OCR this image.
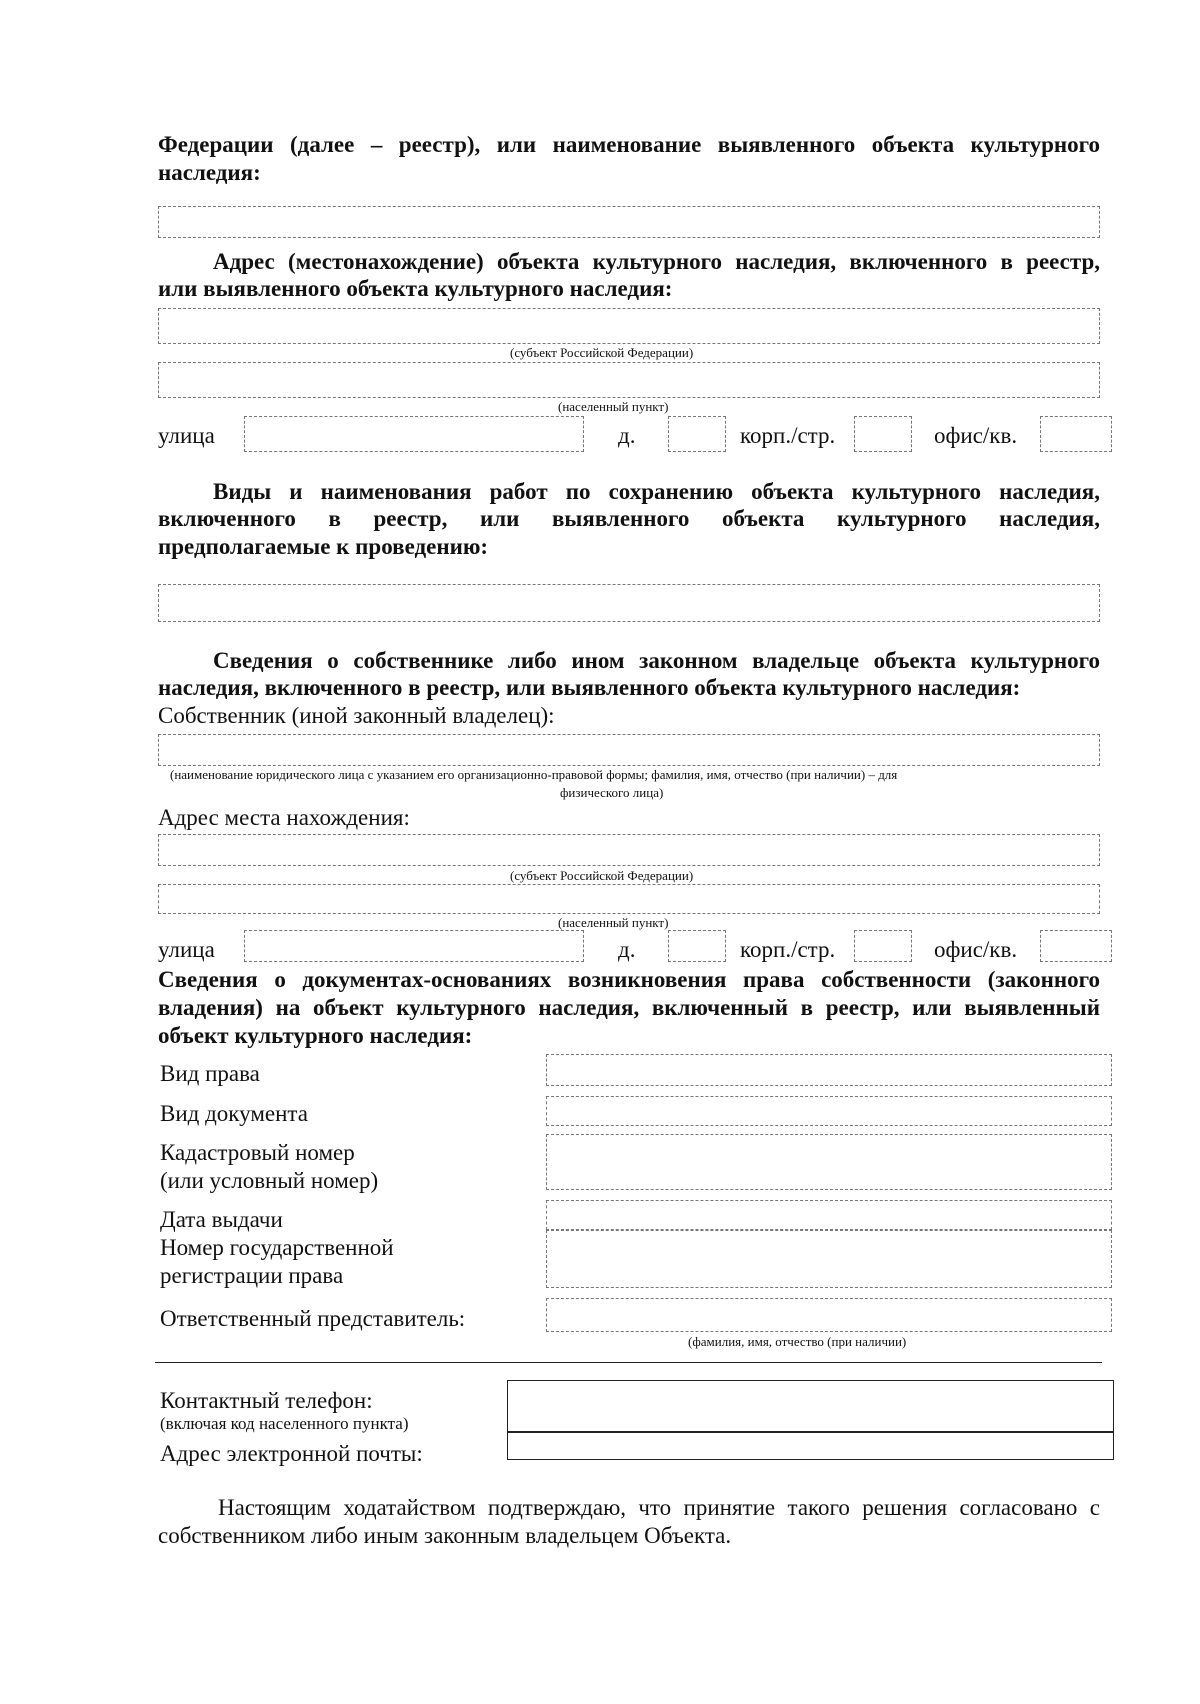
Федерации (далее – реестр), или наименование выявленного объекта культурного
наследия:
Адрес (местонахождение) объекта культурного наследия, включенного в реестр,
или выявленного объекта культурного наследия:
(субъект Российской Федерации)
(населенный пункт)
улица	д.	корп./стр.	офис/кв.
Виды и наименования работ по сохранению объекта культурного наследия,
включенного в реестр, или выявленного объекта культурного наследия,
предполагаемые к проведению:
Сведения о собственнике либо ином законном владельце объекта культурного
наследия, включенного в реестр, или выявленного объекта культурного наследия:
Собственник (иной законный владелец):
(наименование юридического лица с указанием его организационно-правовой формы; фамилия, имя, отчество (при наличии) – для
физического лица)
Адрес места нахождения:
(субъект Российской Федерации)
(населенный пункт)
улица	д.	корп./стр.	офис/кв.
Сведения о документах-основаниях возникновения права собственности (законного
владения) на объект культурного наследия, включенный в реестр, или выявленный
объект культурного наследия:
Вид права
Вид документа
Кадастровый номер
(или условный номер)
Дата выдачи
Номер государственной
регистрации права
Ответственный представитель:
(фамилия, имя, отчество (при наличии)
Контактный телефон:
(включая код населенного пункта)
Адрес электронной почты:
Настоящим ходатайством подтверждаю, что принятие такого решения согласовано с
собственником либо иным законным владельцем Объекта.
